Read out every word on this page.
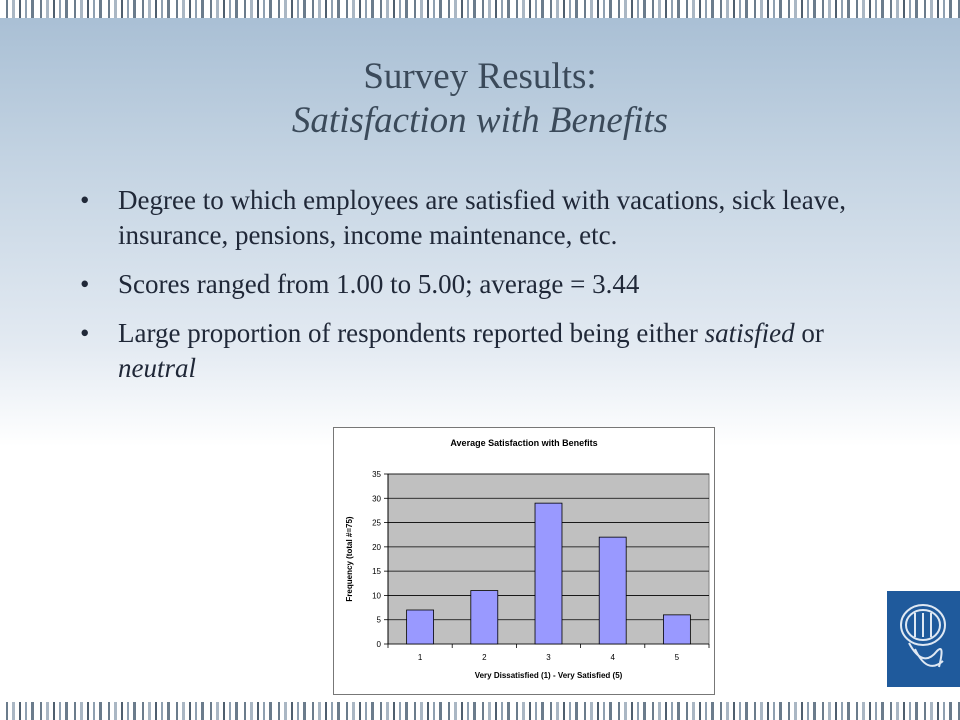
Survey Results:
Satisfaction with Benefits
• Degree to which employees are satisfied with vacations, sick leave, insurance, pensions, income maintenance, etc.
• Scores ranged from 1.00 to 5.00; average = 3.44
• Large proportion of respondents reported being either satisfied or neutral
Average Satisfaction with Benefits
0
5
10
15
20
25
30
35
1	2	3	4	5
Very Dissatisfied (1) - Very Satisfied (5)
Frequency (total #=75)
